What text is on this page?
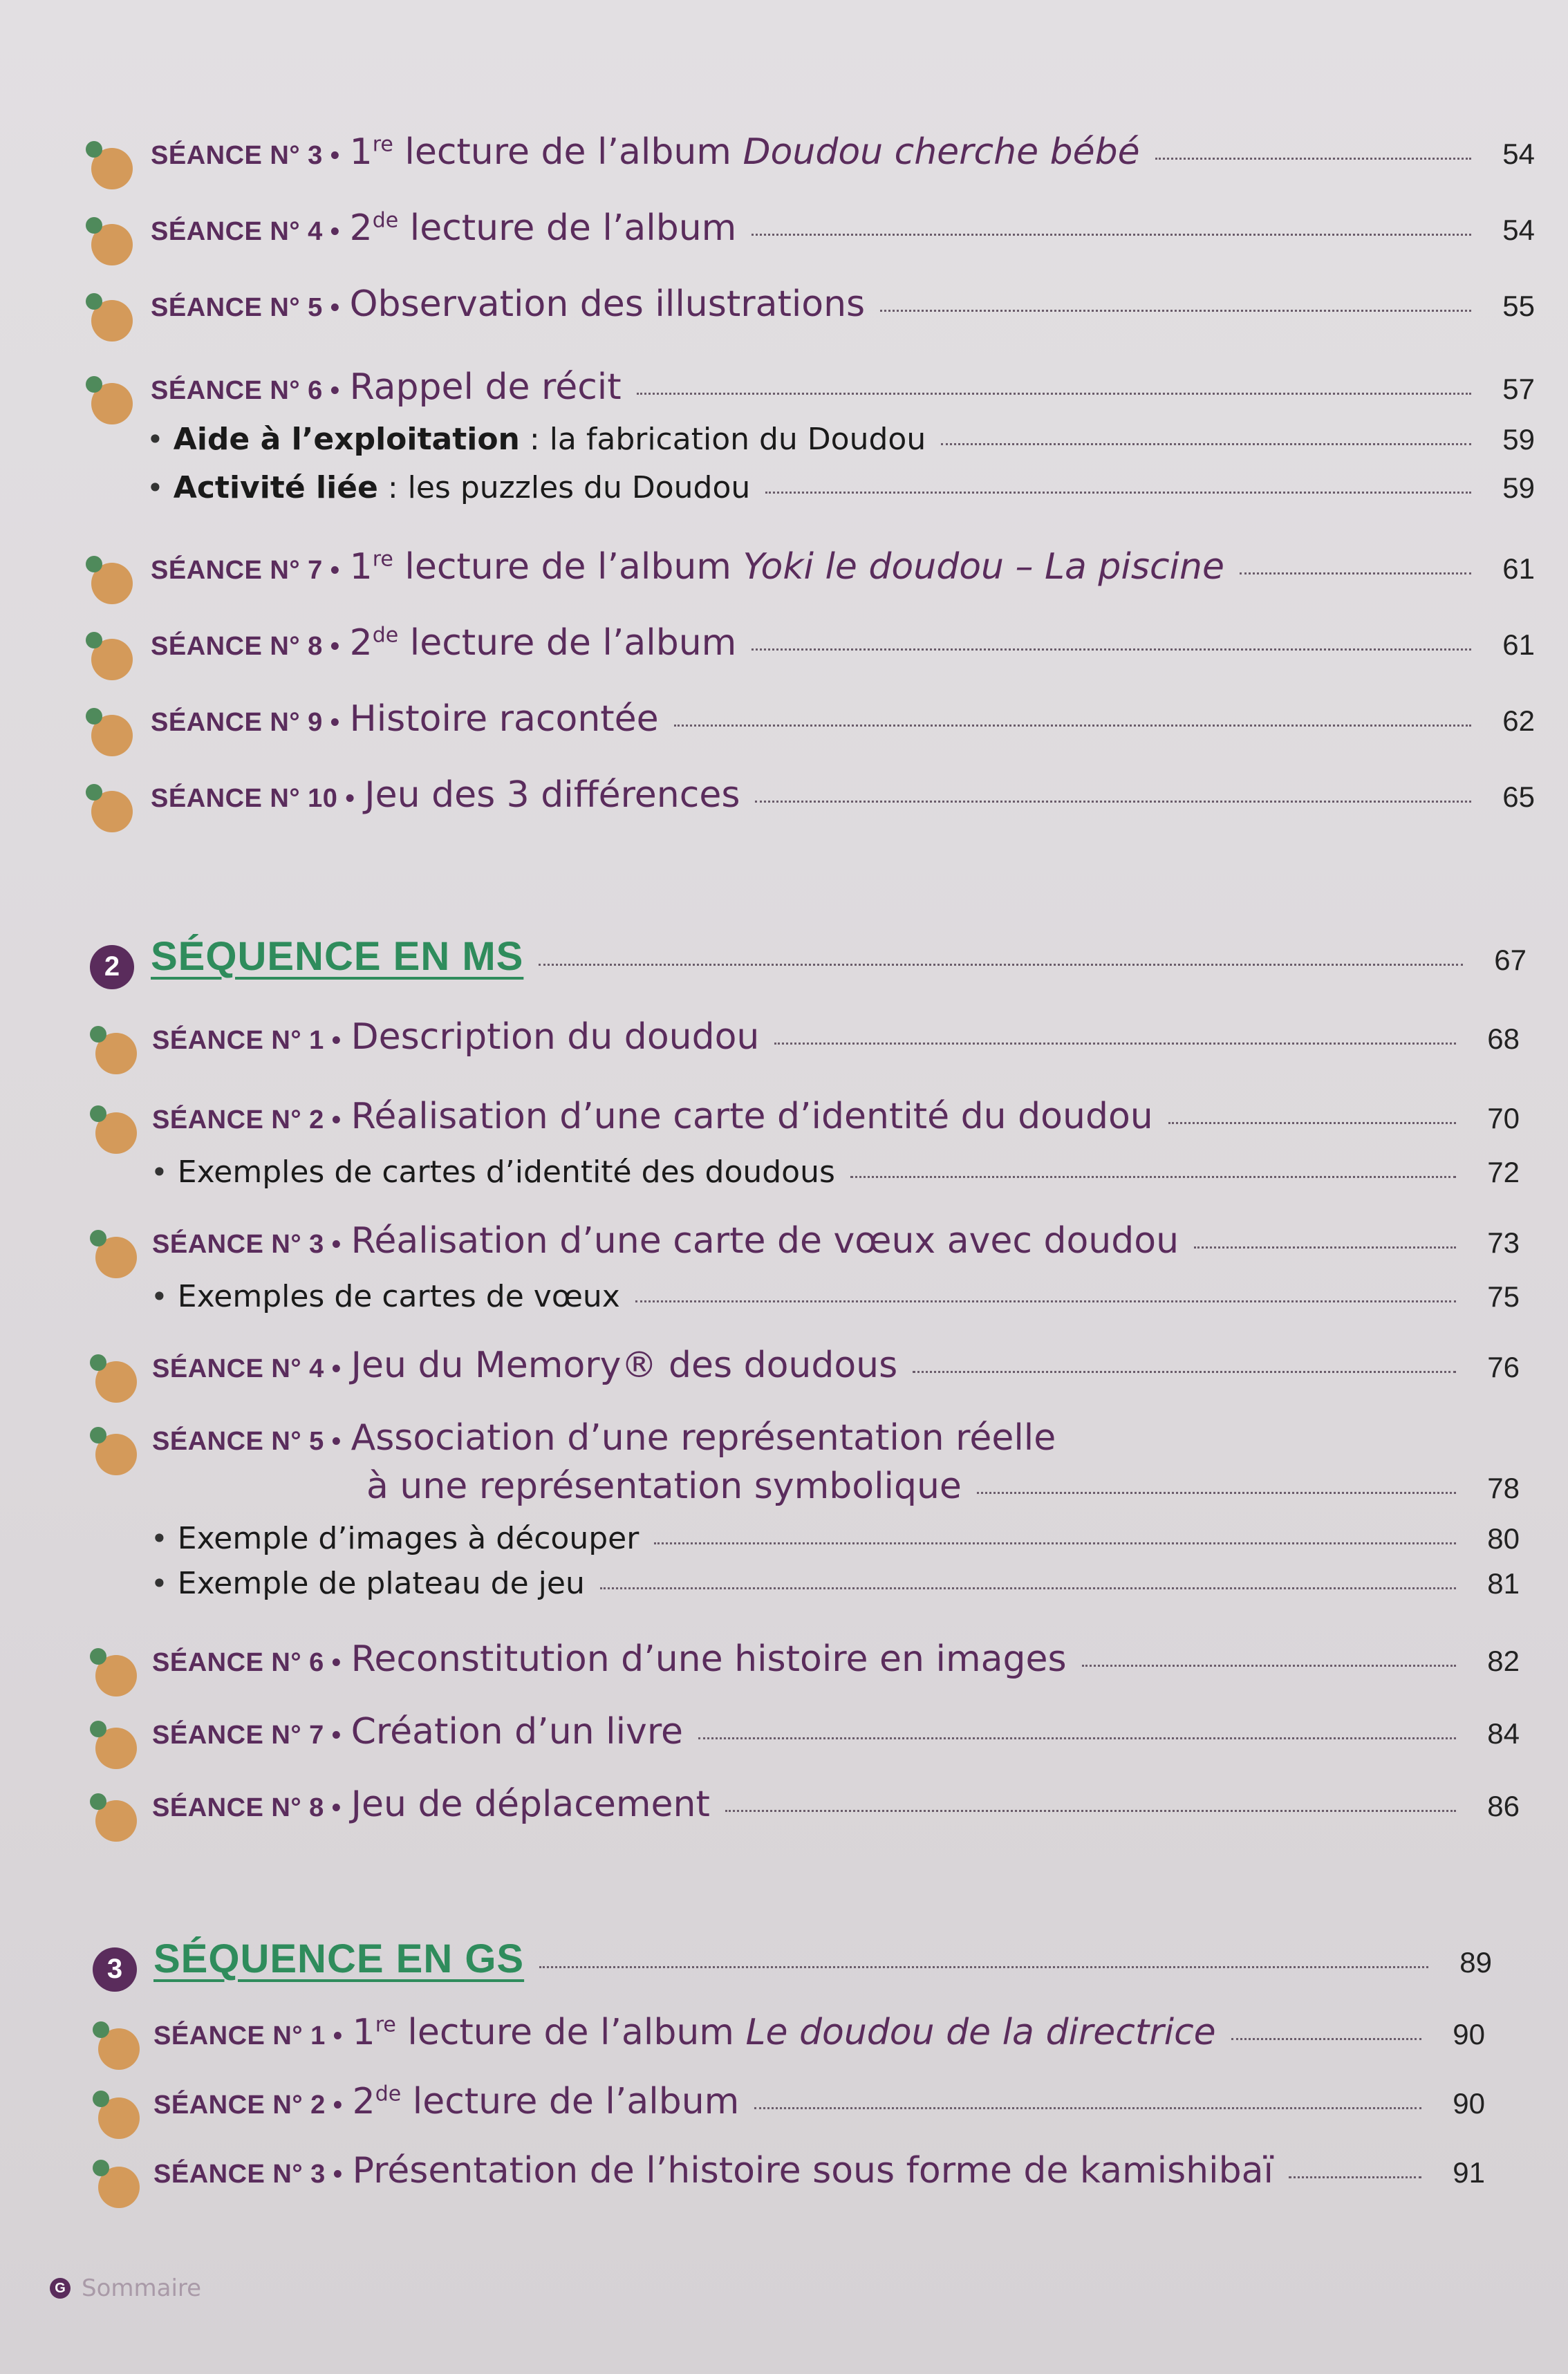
SÉANCE N° 3 • 1re lecture de l’album Doudou cherche bébé	54
SÉANCE N° 4 • 2de lecture de l’album	54
SÉANCE N° 5 • Observation des illustrations	55
SÉANCE N° 6 • Rappel de récit	57
• Aide à l’exploitation : la fabrication du Doudou	59
• Activité liée : les puzzles du Doudou	59
SÉANCE N° 7 • 1re lecture de l’album Yoki le doudou – La piscine	61
SÉANCE N° 8 • 2de lecture de l’album	61
SÉANCE N° 9 • Histoire racontée	62
SÉANCE N° 10 • Jeu des 3 différences	65
2 SÉQUENCE EN MS	67
SÉANCE N° 1 • Description du doudou	68
SÉANCE N° 2 • Réalisation d’une carte d’identité du doudou	70
• Exemples de cartes d’identité des doudous	72
SÉANCE N° 3 • Réalisation d’une carte de vœux avec doudou	73
• Exemples de cartes de vœux	75
SÉANCE N° 4 • Jeu du Memory® des doudous	76
SÉANCE N° 5 • Association d’une représentation réelle
à une représentation symbolique	78
• Exemple d’images à découper	80
• Exemple de plateau de jeu	81
SÉANCE N° 6 • Reconstitution d’une histoire en images	82
SÉANCE N° 7 • Création d’un livre	84
SÉANCE N° 8 • Jeu de déplacement	86
3 SÉQUENCE EN GS	89
SÉANCE N° 1 • 1re lecture de l’album Le doudou de la directrice	90
SÉANCE N° 2 • 2de lecture de l’album	90
SÉANCE N° 3 • Présentation de l’histoire sous forme de kamishibaï	91
G Sommaire
